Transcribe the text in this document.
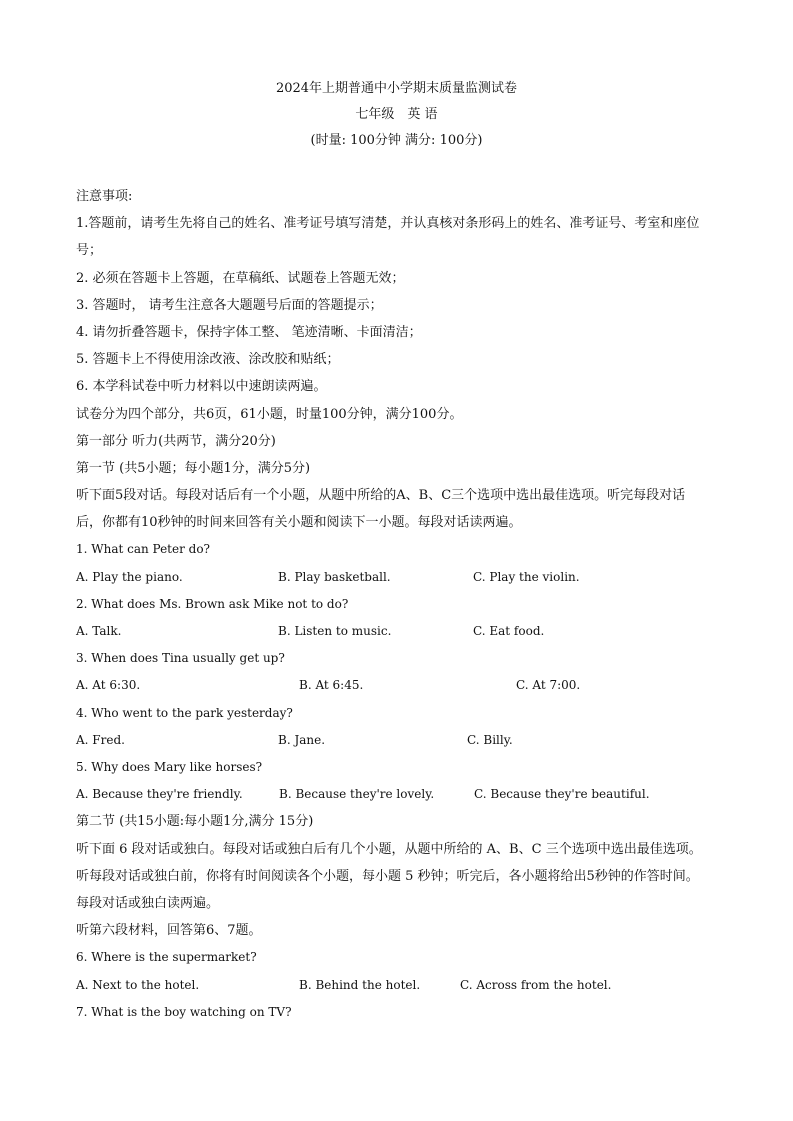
2024年上期普通中小学期末质量监测试卷
七年级　英 语
(时量: 100分钟 满分: 100分)
注意事项:
1.答题前，请考生先将自己的姓名、准考证号填写清楚，并认真核对条形码上的姓名、准考证号、考室和座位号；
2. 必须在答题卡上答题，在草稿纸、试题卷上答题无效；
3. 答题时， 请考生注意各大题题号后面的答题提示；
4. 请勿折叠答题卡，保持字体工整、 笔迹清晰、卡面清洁；
5. 答题卡上不得使用涂改液、涂改胶和贴纸；
6. 本学科试卷中听力材料以中速朗读两遍。
试卷分为四个部分，共6页，61小题，时量100分钟，满分100分。
第一部分 听力(共两节，满分20分)
第一节 (共5小题；每小题1分，满分5分)
听下面5段对话。每段对话后有一个小题，从题中所给的A、B、C三个选项中选出最佳选项。听完每段对话后，你都有10秒钟的时间来回答有关小题和阅读下一小题。每段对话读两遍。
1. What can Peter do?
A. Play the piano.	B. Play basketball.	C. Play the violin.
2. What does Ms. Brown ask Mike not to do?
A. Talk.	B. Listen to music.	C. Eat food.
3. When does Tina usually get up?
A. At 6:30.	B. At 6:45.	C. At 7:00.
4. Who went to the park yesterday?
A. Fred.	B. Jane.	C. Billy.
5. Why does Mary like horses?
A. Because they're friendly.	B. Because they're lovely.	C. Because they're beautiful.
第二节 (共15小题:每小题1分,满分 15分)
听下面 6 段对话或独白。每段对话或独白后有几个小题，从题中所给的 A、B、C 三个选项中选出最佳选项。听每段对话或独白前，你将有时间阅读各个小题，每小题 5 秒钟；听完后，各小题将给出5秒钟的作答时间。每段对话或独白读两遍。
听第六段材料，回答第6、7题。
6. Where is the supermarket?
A. Next to the hotel.	B. Behind the hotel.	C. Across from the hotel.
7. What is the boy watching on TV?
